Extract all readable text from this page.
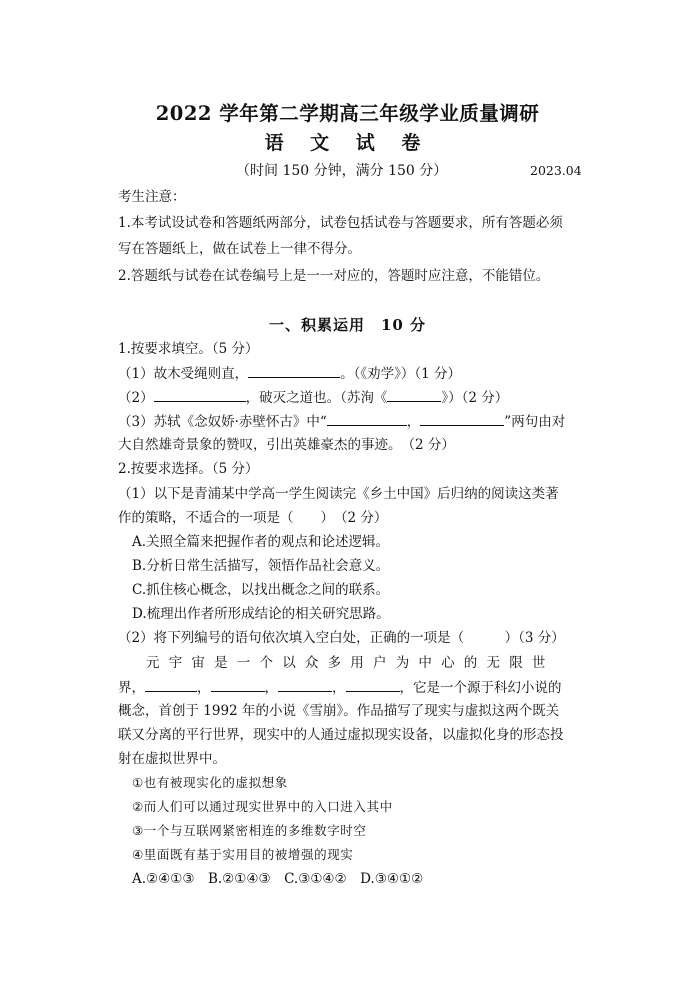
2022 学年第二学期高三年级学业质量调研
语 文 试 卷
（时间 150 分钟，满分 150 分）	2023.04
考生注意：
1.本考试设试卷和答题纸两部分，试卷包括试卷与答题要求，所有答题必须
写在答题纸上，做在试卷上一律不得分。
2.答题纸与试卷在试卷编号上是一一对应的，答题时应注意，不能错位。
一、积累运用　10 分
1.按要求填空。（5 分）
（1）故木受绳则直，	。（《劝学》）（1 分）
（2）	，破灭之道也。（苏洵《	》）（2 分）
（3）苏轼《念奴娇·赤壁怀古》中“	，	”两句由对
大自然雄奇景象的赞叹，引出英雄豪杰的事迹。　（2 分）
2.按要求选择。（5 分）
（1）以下是青浦某中学高一学生阅读完《乡土中国》后归纳的阅读这类著
作的策略，不适合的一项是（　　）　（2 分）
A.关照全篇来把握作者的观点和论述逻辑。
B.分析日常生活描写，领悟作品社会意义。
C.抓住核心概念，以找出概念之间的联系。
D.梳理出作者所形成结论的相关研究思路。
（2）将下列编号的语句依次填入空白处，正确的一项是（　　　）（3 分）
元宇宙是一个以众多用户为中心的无限世
界，	，	，	，	，它是一个源于科幻小说的
概念，首创于 1992 年的小说《雪崩》。作品描写了现实与虚拟这两个既关
联又分离的平行世界，现实中的人通过虚拟现实设备，以虚拟化身的形态投
射在虚拟世界中。
①也有被现实化的虚拟想象
②而人们可以通过现实世界中的入口进入其中
③一个与互联网紧密相连的多维数字时空
④里面既有基于实用目的被增强的现实
A.②④①③　B.②①④③　C.③①④②　D.③④①②
